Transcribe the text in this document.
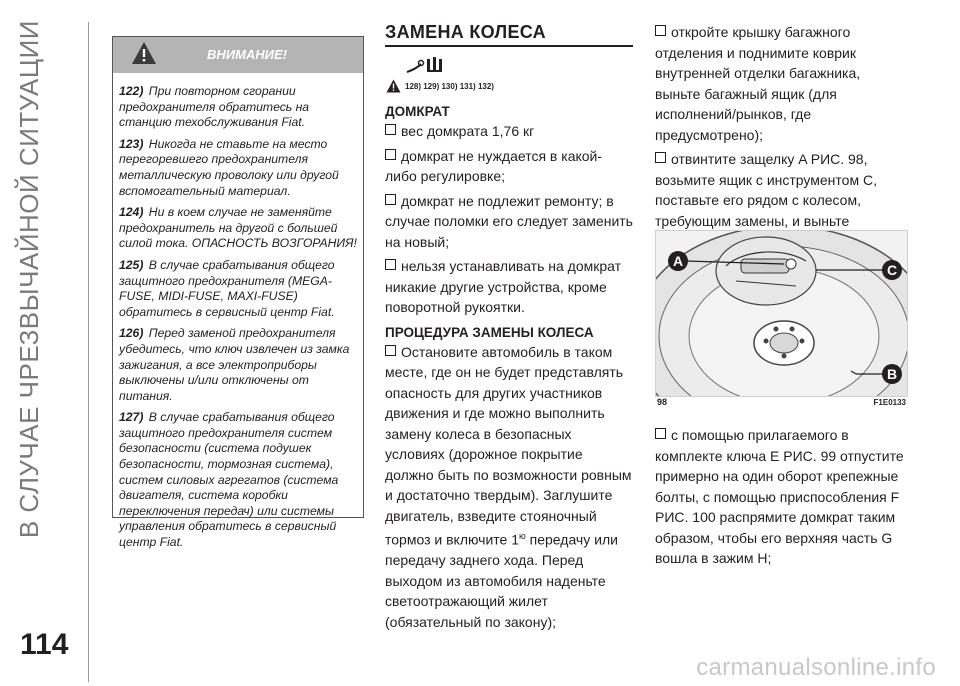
В СЛУЧАЕ ЧРЕЗВЫЧАЙНОЙ СИТУАЦИИ
114
ВНИМАНИЕ!

122) При повторном сгорании предохранителя обратитесь на станцию техобслуживания Fiat.

123) Никогда не ставьте на место перегоревшего предохранителя металлическую проволоку или другой вспомогательный материал.

124) Ни в коем случае не заменяйте предохранитель на другой с большей силой тока. ОПАСНОСТЬ ВОЗГОРАНИЯ!

125) В случае срабатывания общего защитного предохранителя (MEGA-FUSE, MIDI-FUSE, MAXI-FUSE) обратитесь в сервисный центр Fiat.

126) Перед заменой предохранителя убедитесь, что ключ извлечен из замка зажигания, а все электроприборы выключены и/или отключены от питания.

127) В случае срабатывания общего защитного предохранителя систем безопасности (система подушек безопасности, тормозная система), систем силовых агрегатов (система двигателя, система коробки переключения передач) или системы управления обратитесь в сервисный центр Fiat.

ЗАМЕНА КОЛЕСА
128) 129) 130) 131) 132)
ДОМКРАТ

вес домкрата 1,76 кг

домкрат не нуждается в какой-либо регулировке;

домкрат не подлежит ремонту; в случае поломки его следует заменить на новый;

нельзя устанавливать на домкрат никакие другие устройства, кроме поворотной рукоятки.

ПРОЦЕДУРА ЗАМЕНЫ КОЛЕСА

Остановите автомобиль в таком месте, где он не будет представлять опасность для других участников движения и где можно выполнить замену колеса в безопасных условиях (дорожное покрытие должно быть по возможности ровным и достаточно твердым). Заглушите двигатель, взведите стояночный тормоз и включите $1^ю$ передачу или передачу заднего хода. Перед выходом из автомобиля наденьте светоотражающий жилет (обязательный по закону);

откройте крышку багажного отделения и поднимите коврик внутренней отделки багажника, выньте багажный ящик (для исполнений/рынков, где предусмотрено);

отвинтите защелку A РИС. 98, возьмите ящик с инструментом C, поставьте его рядом с колесом, требующим замены, и выньте

A
C
B
98	F1E0133

с помощью прилагаемого в комплекте ключа E РИС. 99 отпустите примерно на один оборот крепежные болты, с помощью приспособления F РИС. 100 распрямите домкрат таким образом, чтобы его верхняя часть G вошла в зажим H;

carmanualsonline.info
